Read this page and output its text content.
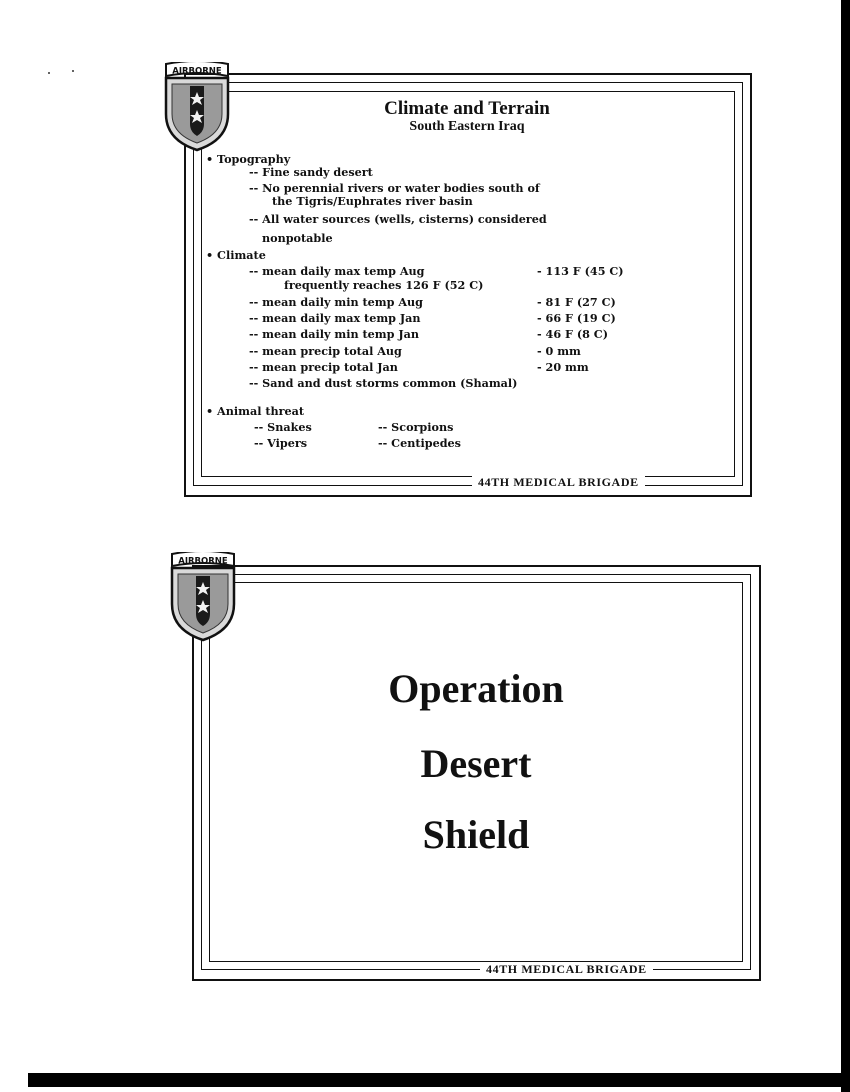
AIRBORNE
Climate and Terrain
South Eastern Iraq
• Topography
-- Fine sandy desert
-- No perennial rivers or water bodies south of
the Tigris/Euphrates river basin
-- All water sources (wells, cisterns) considered
nonpotable
• Climate
-- mean daily max temp Aug	- 113 F (45 C)
frequently reaches 126 F (52 C)
-- mean daily min temp Aug	- 81 F (27 C)
-- mean daily max temp Jan	- 66 F (19 C)
-- mean daily min temp Jan	- 46 F (8 C)
-- mean precip total Aug	- 0 mm
-- mean precip total Jan	- 20 mm
-- Sand and dust storms common (Shamal)
• Animal threat
-- Snakes	-- Scorpions
-- Vipers	-- Centipedes
44TH MEDICAL BRIGADE
AIRBORNE
Operation
Desert
Shield
44TH MEDICAL BRIGADE
